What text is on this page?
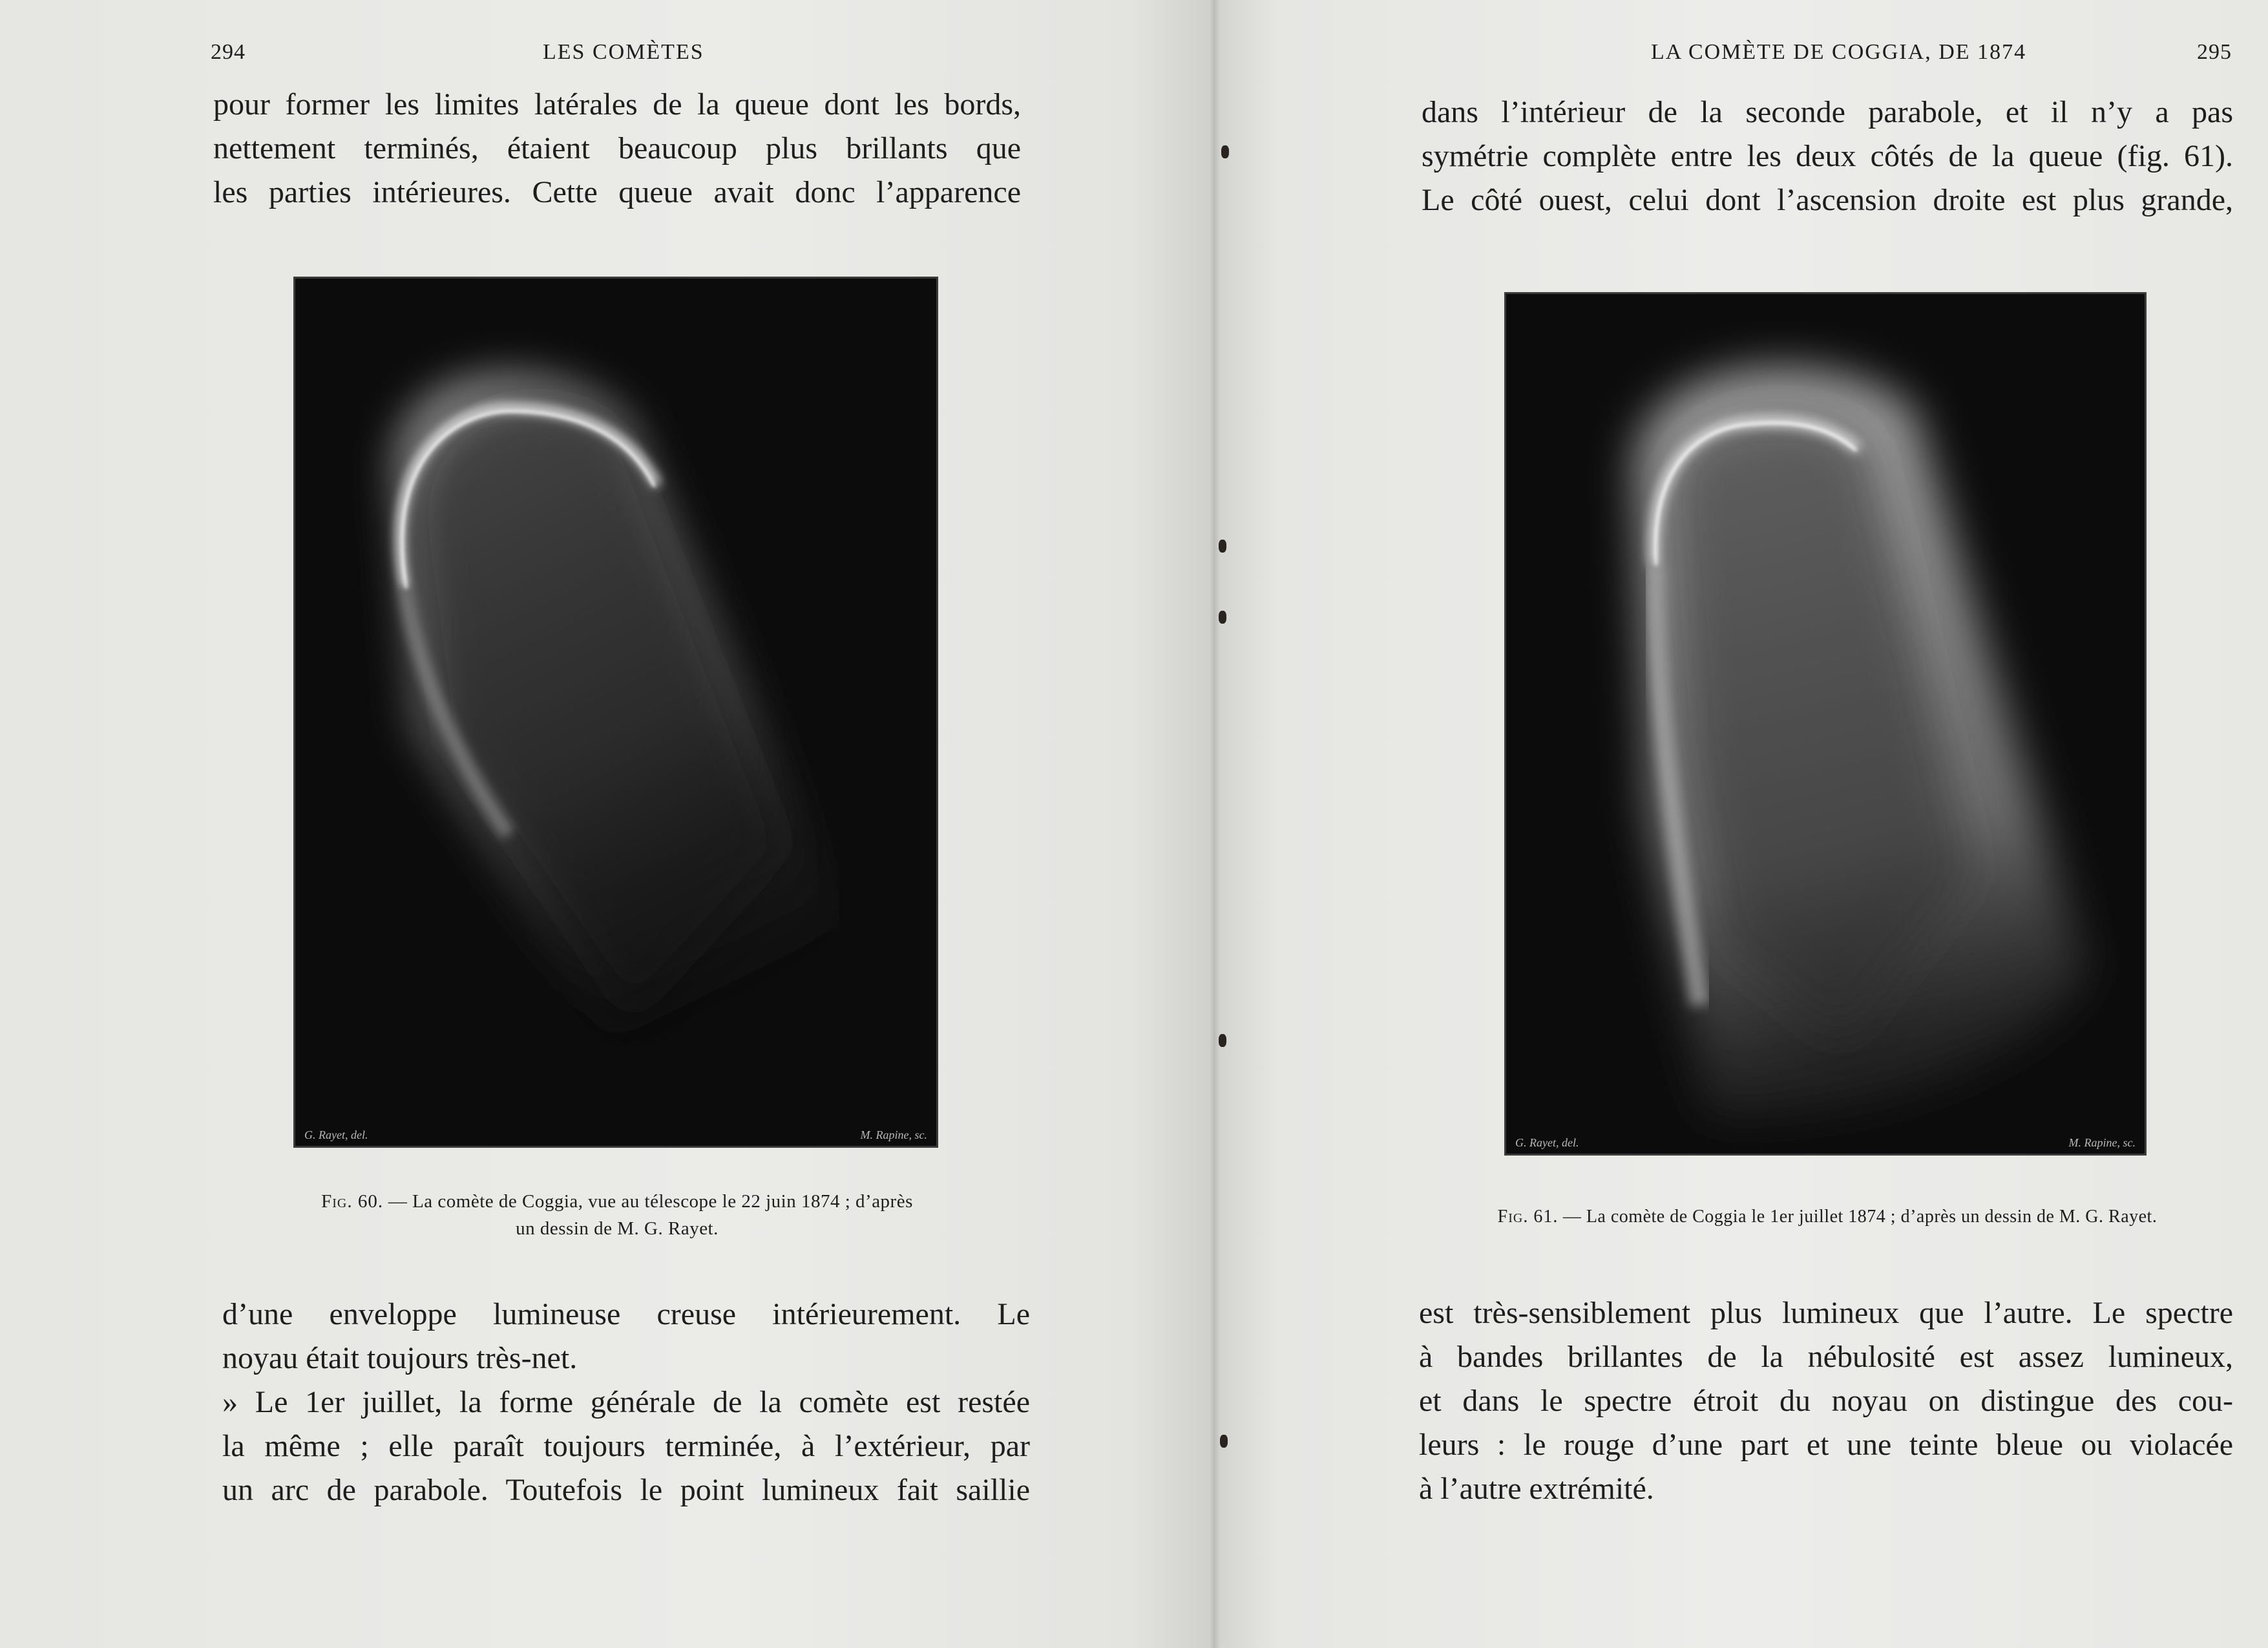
294	LES COMÈTES
pour former les limites latérales de la queue dont les bords,
nettement terminés, étaient beaucoup plus brillants que
les parties intérieures. Cette queue avait donc l’apparence
G. Rayet, del.	M. Rapine, sc.
Fig. 60. — La comète de Coggia, vue au télescope le 22 juin 1874 ; d’après
un dessin de M. G. Rayet.
d’une enveloppe lumineuse creuse intérieurement. Le
noyau était toujours très-net.
» Le 1er juillet, la forme générale de la comète est restée
la même ; elle paraît toujours terminée, à l’extérieur, par
un arc de parabole. Toutefois le point lumineux fait saillie
LA COMÈTE DE COGGIA, DE 1874	295
dans l’intérieur de la seconde parabole, et il n’y a pas
symétrie complète entre les deux côtés de la queue (fig. 61).
Le côté ouest, celui dont l’ascension droite est plus grande,
G. Rayet, del.	M. Rapine, sc.
Fig. 61. — La comète de Coggia le 1er juillet 1874 ; d’après un dessin de M. G. Rayet.
est très-sensiblement plus lumineux que l’autre. Le spectre
à bandes brillantes de la nébulosité est assez lumineux,
et dans le spectre étroit du noyau on distingue des cou-
leurs : le rouge d’une part et une teinte bleue ou violacée
à l’autre extrémité.
